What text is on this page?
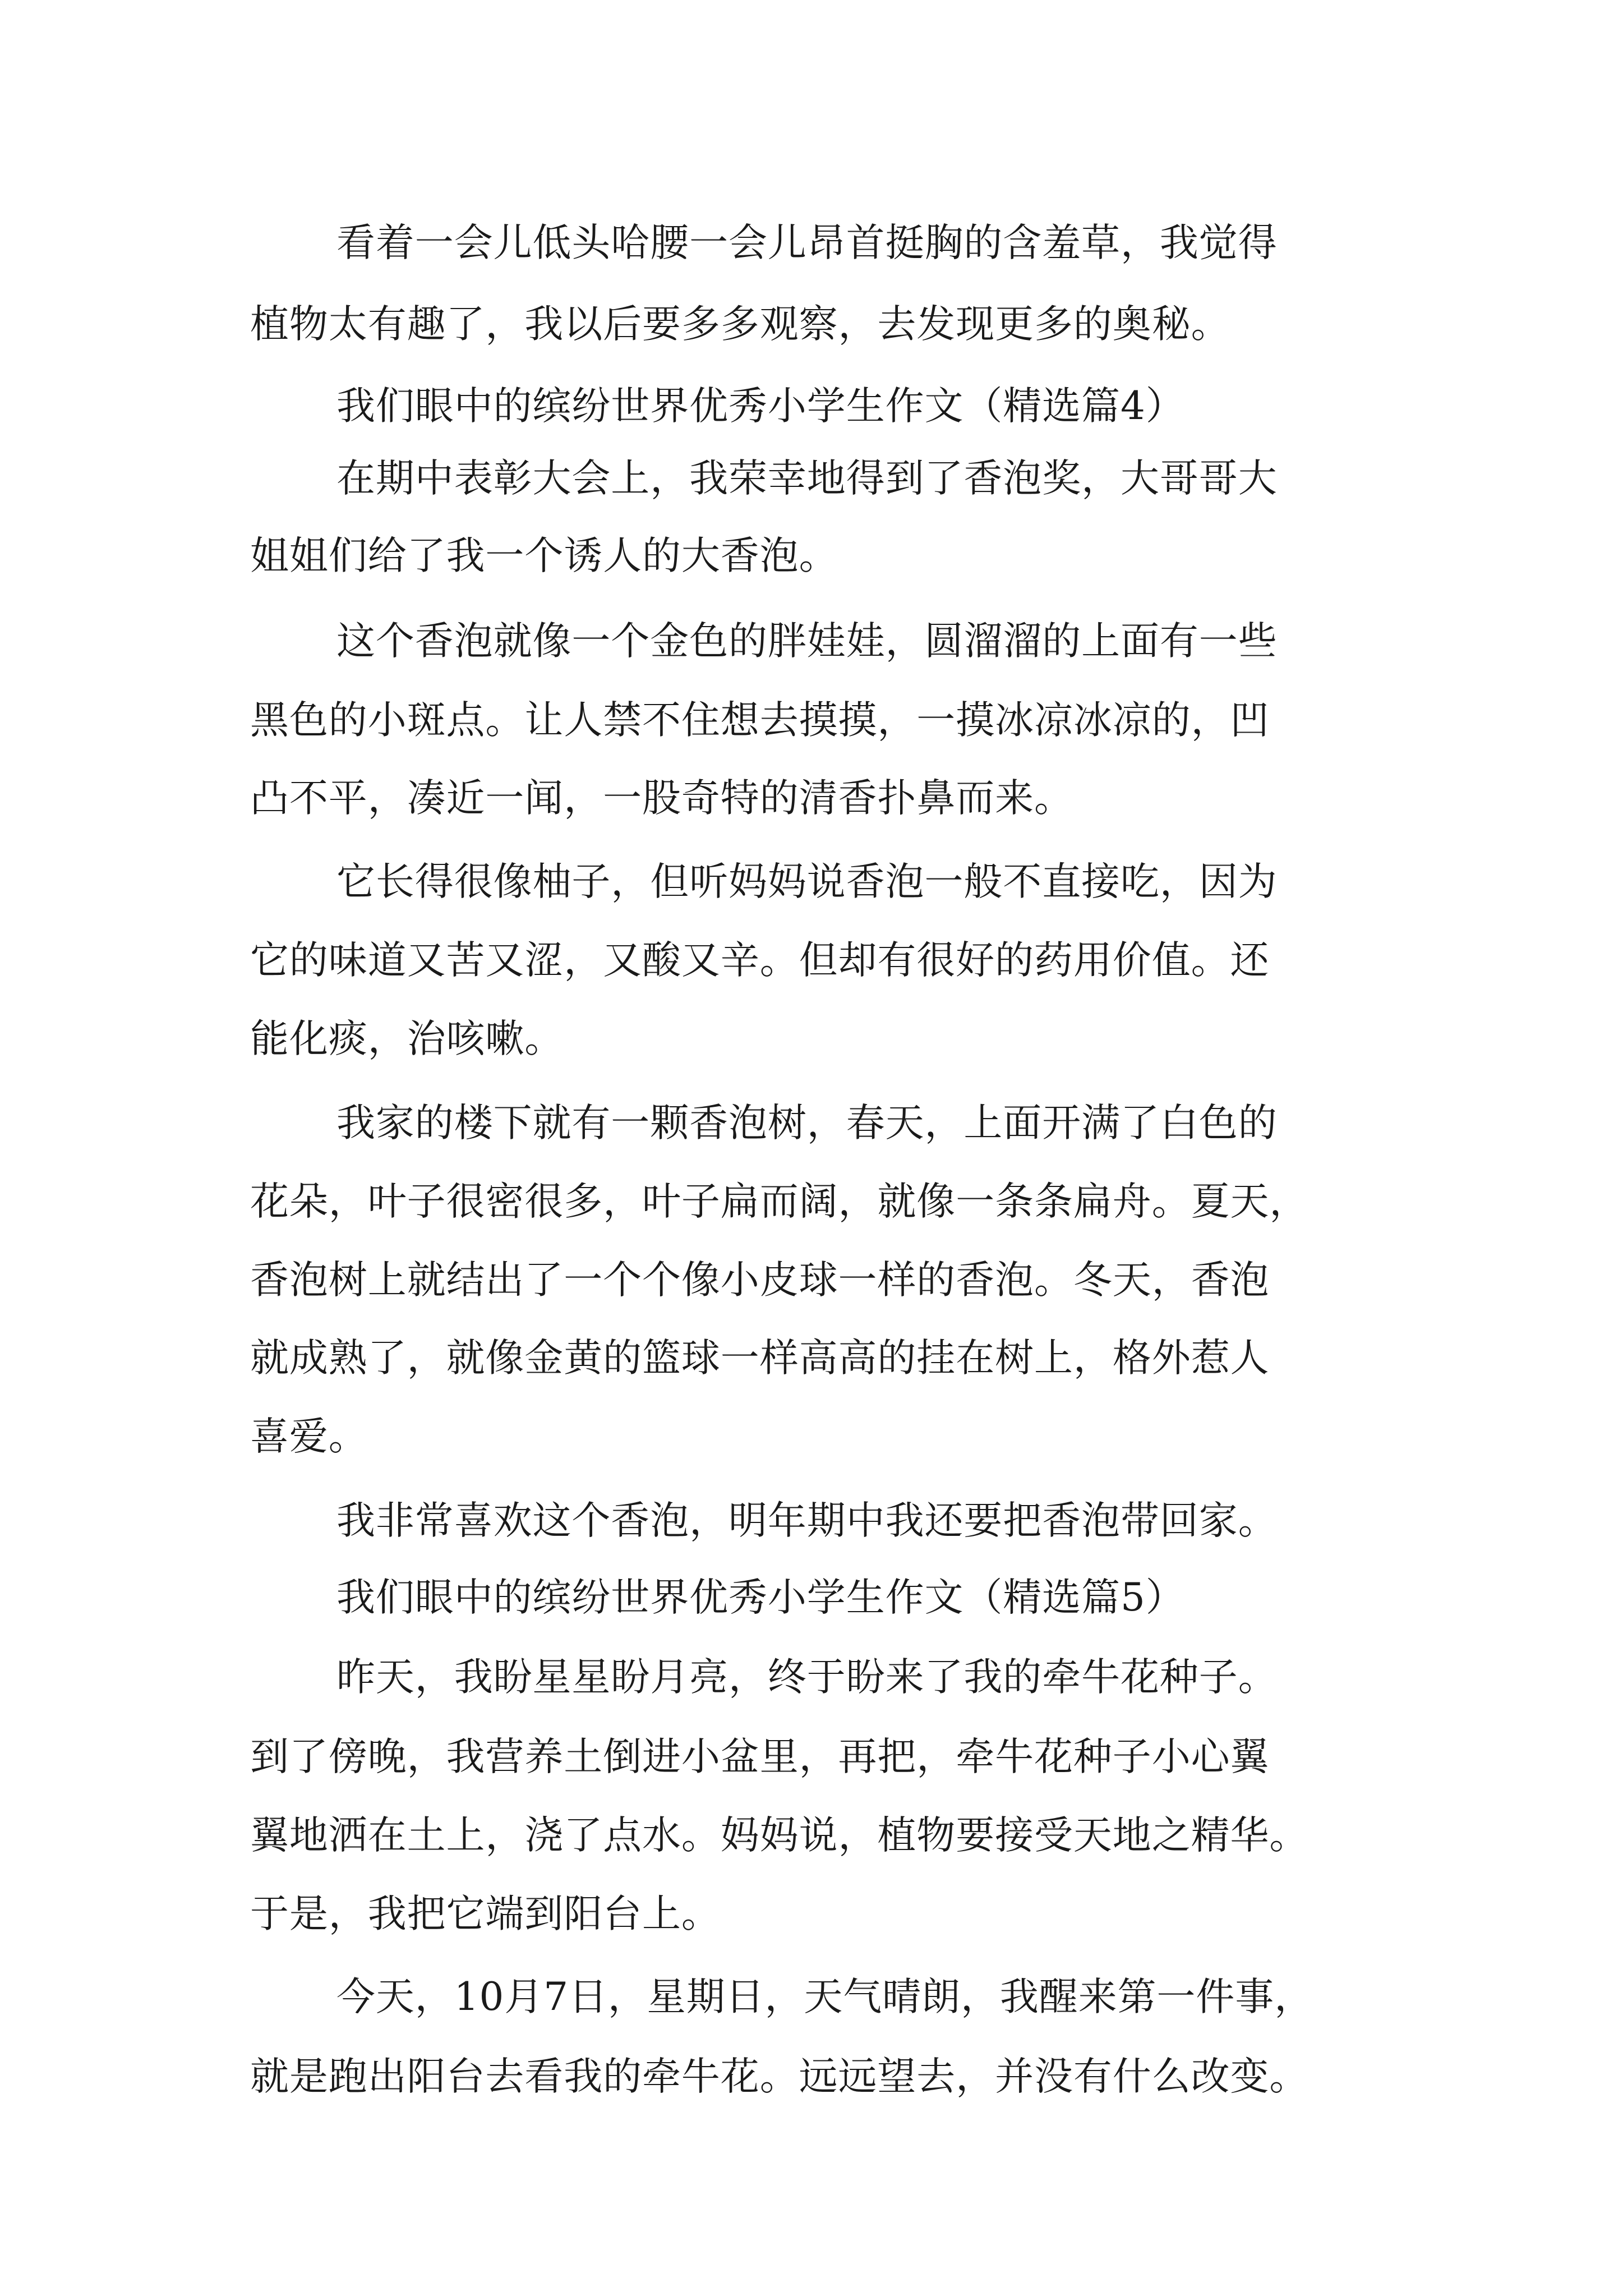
看着一会儿低头哈腰一会儿昂首挺胸的含羞草，我觉得

植物太有趣了，我以后要多多观察，去发现更多的奥秘。

我们眼中的缤纷世界优秀小学生作文（精选篇4）

在期中表彰大会上，我荣幸地得到了香泡奖，大哥哥大

姐姐们给了我一个诱人的大香泡。

这个香泡就像一个金色的胖娃娃，圆溜溜的上面有一些

黑色的小斑点。让人禁不住想去摸摸，一摸冰凉冰凉的，凹

凸不平，凑近一闻，一股奇特的清香扑鼻而来。

它长得很像柚子，但听妈妈说香泡一般不直接吃，因为

它的味道又苦又涩，又酸又辛。但却有很好的药用价值。还

能化痰，治咳嗽。

我家的楼下就有一颗香泡树，春天，上面开满了白色的

花朵，叶子很密很多，叶子扁而阔，就像一条条扁舟。夏天，

香泡树上就结出了一个个像小皮球一样的香泡。冬天，香泡

就成熟了，就像金黄的篮球一样高高的挂在树上，格外惹人

喜爱。

我非常喜欢这个香泡，明年期中我还要把香泡带回家。

我们眼中的缤纷世界优秀小学生作文（精选篇5）

昨天，我盼星星盼月亮，终于盼来了我的牵牛花种子。

到了傍晚，我营养土倒进小盆里，再把，牵牛花种子小心翼

翼地洒在土上，浇了点水。妈妈说，植物要接受天地之精华。

于是，我把它端到阳台上。

今天，10月7日，星期日，天气晴朗，我醒来第一件事，

就是跑出阳台去看我的牵牛花。远远望去，并没有什么改变。
